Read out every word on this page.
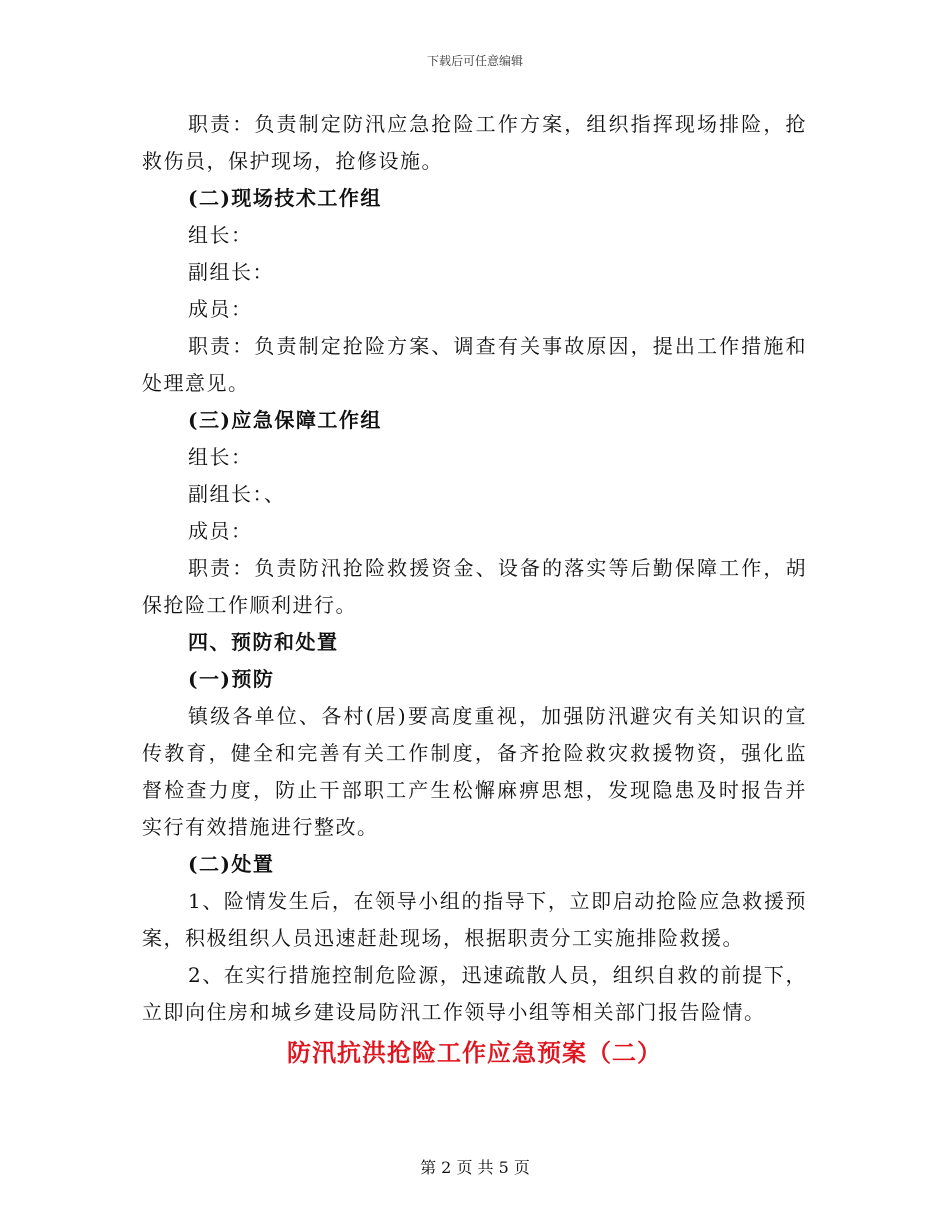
下载后可任意编辑

职责：负责制定防汛应急抢险工作方案，组织指挥现场排险，抢救伤员，保护现场，抢修设施。

(二)现场技术工作组

组长：

副组长：

成员：

职责：负责制定抢险方案、调查有关事故原因，提出工作措施和处理意见。

(三)应急保障工作组

组长：

副组长：、

成员：

职责：负责防汛抢险救援资金、设备的落实等后勤保障工作，胡保抢险工作顺利进行。

四、预防和处置

(一)预防

镇级各单位、各村(居)要高度重视，加强防汛避灾有关知识的宣传教育，健全和完善有关工作制度，备齐抢险救灾救援物资，强化监督检查力度，防止干部职工产生松懈麻痹思想，发现隐患及时报告并实行有效措施进行整改。

(二)处置

1、险情发生后，在领导小组的指导下，立即启动抢险应急救援预案，积极组织人员迅速赶赴现场，根据职责分工实施排险救援。

2、在实行措施控制危险源，迅速疏散人员，组织自救的前提下，立即向住房和城乡建设局防汛工作领导小组等相关部门报告险情。

防汛抗洪抢险工作应急预案（二）
第 2 页 共 5 页
